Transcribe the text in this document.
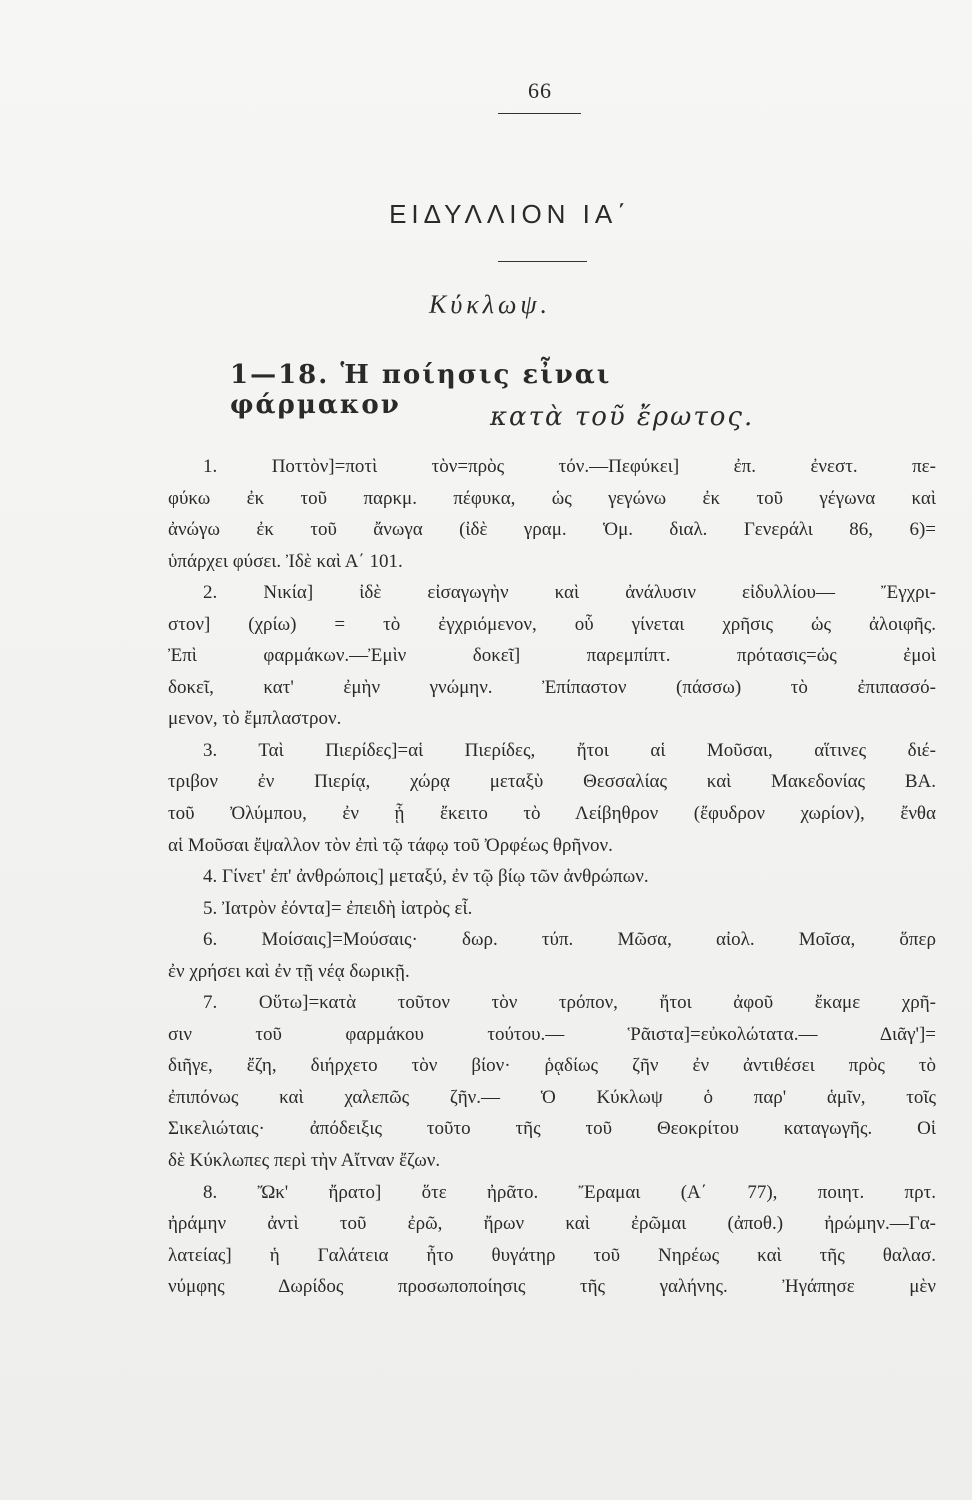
66
ΕΙΔΥΛΛΙΟΝ ΙΑ΄
Κύκλωψ.
1—18. Ἡ ποίησις εἶναι φάρμακον	κατὰ τοῦ ἔρωτος.
1. Ποττὸν]=ποτὶ τὸν=πρὸς τόν.—Πεφύκει] ἐπ. ἐνεστ. πε-
φύκω ἐκ τοῦ παρκμ. πέφυκα, ὡς γεγώνω ἐκ τοῦ γέγωνα καὶ
ἀνώγω ἐκ τοῦ ἄνωγα (ἰδὲ γραμ. Ὁμ. διαλ. Γενεράλι 86, 6)=
ὑπάρχει φύσει. Ἰδὲ καὶ Α΄ 101.
2. Νικία] ἰδὲ εἰσαγωγὴν καὶ ἀνάλυσιν εἰδυλλίου— Ἔγχρι-
στον] (χρίω) = τὸ ἐγχριόμενον, οὗ γίνεται χρῆσις ὡς ἀλοιφῆς.
Ἐπὶ φαρμάκων.—Ἐμὶν δοκεῖ] παρεμπίπτ. πρότασις=ὡς ἐμοὶ
δοκεῖ, κατ' ἐμὴν γνώμην. Ἐπίπαστον (πάσσω) τὸ ἐπιπασσό-
μενον, τὸ ἔμπλαστρον.
3. Ταὶ Πιερίδες]=αἱ Πιερίδες, ἤτοι αἱ Μοῦσαι, αἵτινες διέ-
τριβον ἐν Πιερίᾳ, χώρᾳ μεταξὺ Θεσσαλίας καὶ Μακεδονίας ΒΑ.
τοῦ Ὀλύμπου, ἐν ᾗ ἔκειτο τὸ Λείβηθρον (ἔφυδρον χωρίον), ἔνθα
αἱ Μοῦσαι ἔψαλλον τὸν ἐπὶ τῷ τάφῳ τοῦ Ὀρφέως θρῆνον.
4. Γίνετ' ἐπ' ἀνθρώποις] μεταξύ, ἐν τῷ βίῳ τῶν ἀνθρώπων.
5. Ἰατρὸν ἐόντα]= ἐπειδὴ ἰατρὸς εἶ.
6. Μοίσαις]=Μούσαις· δωρ. τύπ. Μῶσα, αἰολ. Μοῖσα, ὅπερ
ἐν χρήσει καὶ ἐν τῇ νέᾳ δωρικῇ.
7. Οὕτω]=κατὰ τοῦτον τὸν τρόπον, ἤτοι ἀφοῦ ἔκαμε χρῆ-
σιν τοῦ φαρμάκου τούτου.— Ῥᾶιστα]=εὐκολώτατα.— Διᾶγ']=
διῆγε, ἔζη, διήρχετο τὸν βίον· ῥᾳδίως ζῆν ἐν ἀντιθέσει πρὸς τὸ
ἐπιπόνως καὶ χαλεπῶς ζῆν.— Ὁ Κύκλωψ ὁ παρ' ἁμῖν, τοῖς
Σικελιώταις· ἀπόδειξις τοῦτο τῆς τοῦ Θεοκρίτου καταγωγῆς. Οἱ
δὲ Κύκλωπες περὶ τὴν Αἴτναν ἔζων.
8. Ὤκ' ἤρατο] ὅτε ἠρᾶτο. Ἔραμαι (Α΄ 77), ποιητ. πρτ.
ἠράμην ἀντὶ τοῦ ἐρῶ, ἤρων καὶ ἐρῶμαι (ἀποθ.) ἠρώμην.—Γα-
λατείας] ἡ Γαλάτεια ἦτο θυγάτηρ τοῦ Νηρέως καὶ τῆς θαλασ.
νύμφης Δωρίδος προσωποποίησις τῆς γαλήνης. Ἠγάπησε μὲν
